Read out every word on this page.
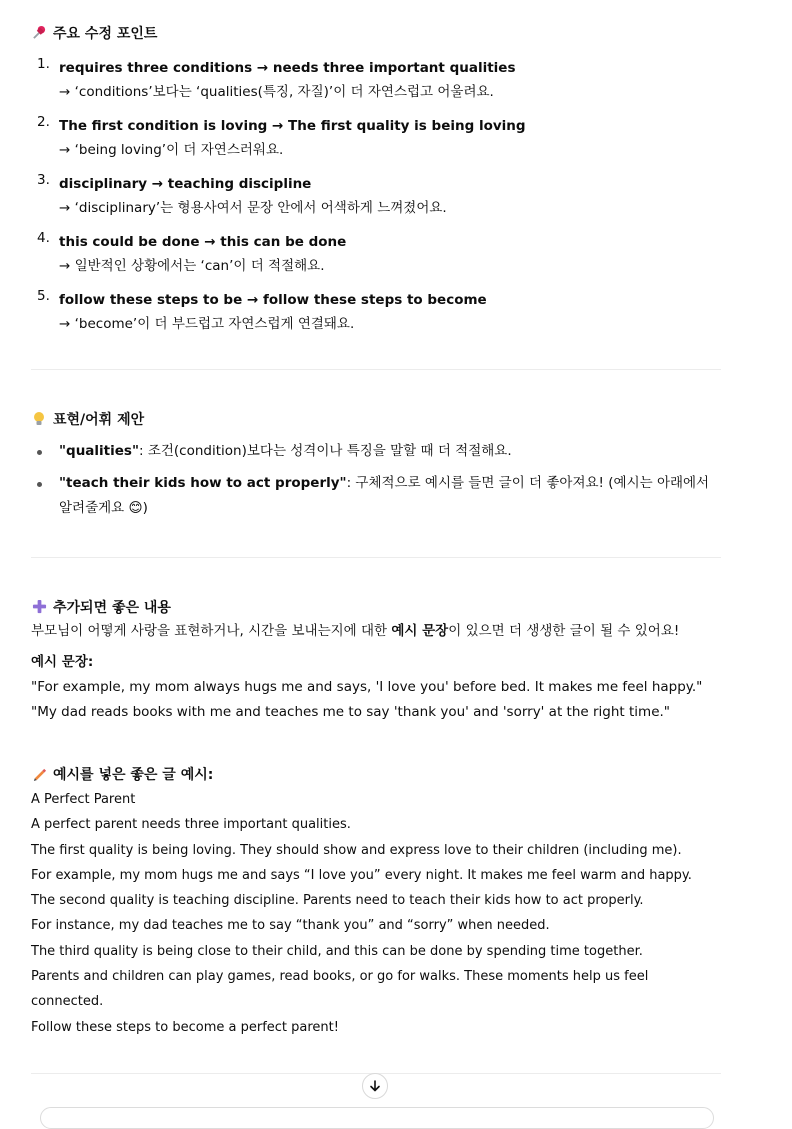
주요 수정 포인트
1. requires three conditions → needs three important qualities
→ ‘conditions’보다는 ‘qualities(특징, 자질)’이 더 자연스럽고 어울려요.
2. The first condition is loving → The first quality is being loving
→ ‘being loving’이 더 자연스러워요.
3. disciplinary → teaching discipline
→ ‘disciplinary’는 형용사여서 문장 안에서 어색하게 느껴졌어요.
4. this could be done → this can be done
→ 일반적인 상황에서는 ‘can’이 더 적절해요.
5. follow these steps to be → follow these steps to become
→ ‘become’이 더 부드럽고 자연스럽게 연결돼요.
표현/어휘 제안
"qualities": 조건(condition)보다는 성격이나 특징을 말할 때 더 적절해요.
"teach their kids how to act properly": 구체적으로 예시를 들면 글이 더 좋아져요! (예시는 아래에서 알려줄게요 😊)
추가되면 좋은 내용
부모님이 어떻게 사랑을 표현하거나, 시간을 보내는지에 대한 예시 문장이 있으면 더 생생한 글이 될 수 있어요!
예시 문장:
"For example, my mom always hugs me and says, 'I love you' before bed. It makes me feel happy."
"My dad reads books with me and teaches me to say 'thank you' and 'sorry' at the right time."
예시를 넣은 좋은 글 예시:
A Perfect Parent
A perfect parent needs three important qualities.
The first quality is being loving. They should show and express love to their children (including me).
For example, my mom hugs me and says “I love you” every night. It makes me feel warm and happy.
The second quality is teaching discipline. Parents need to teach their kids how to act properly.
For instance, my dad teaches me to say “thank you” and “sorry” when needed.
The third quality is being close to their child, and this can be done by spending time together.
Parents and children can play games, read books, or go for walks. These moments help us feel
connected.
Follow these steps to become a perfect parent!
